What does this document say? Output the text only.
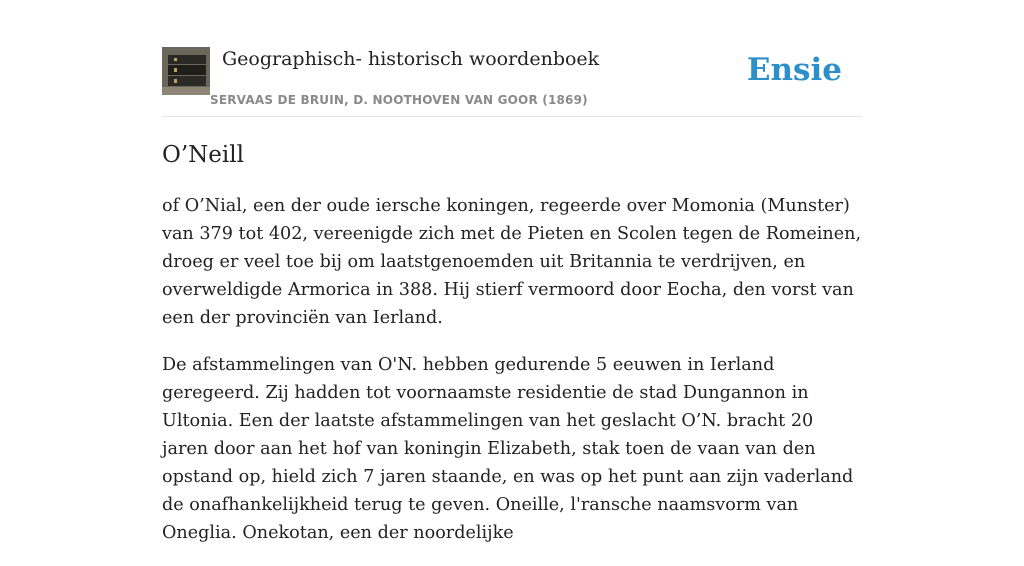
Geographisch- historisch woordenboek
SERVAAS DE BRUIN, D. NOOTHOVEN VAN GOOR (1869)
Ensie
O’Neill

of O’Nial, een der oude iersche koningen, regeerde over Momonia (Munster) van 379 tot 402, vereenigde zich met de Pieten en Scolen tegen de Romeinen, droeg er veel toe bij om laatstgenoemden uit Britannia te verdrijven, en overweldigde Armorica in 388. Hij stierf vermoord door Eocha, den vorst van een der provinciën van Ierland.

De afstammelingen van O'N. hebben gedurende 5 eeuwen in Ierland geregeerd. Zij hadden tot voornaamste residentie de stad Dungannon in Ultonia. Een der laatste afstammelingen van het geslacht O’N. bracht 20 jaren door aan het hof van koningin Elizabeth, stak toen de vaan van den opstand op, hield zich 7 jaren staande, en was op het punt aan zijn vaderland de onafhankelijkheid terug te geven. Oneille, l'ransche naamsvorm van Oneglia. Onekotan, een der noordelijke
